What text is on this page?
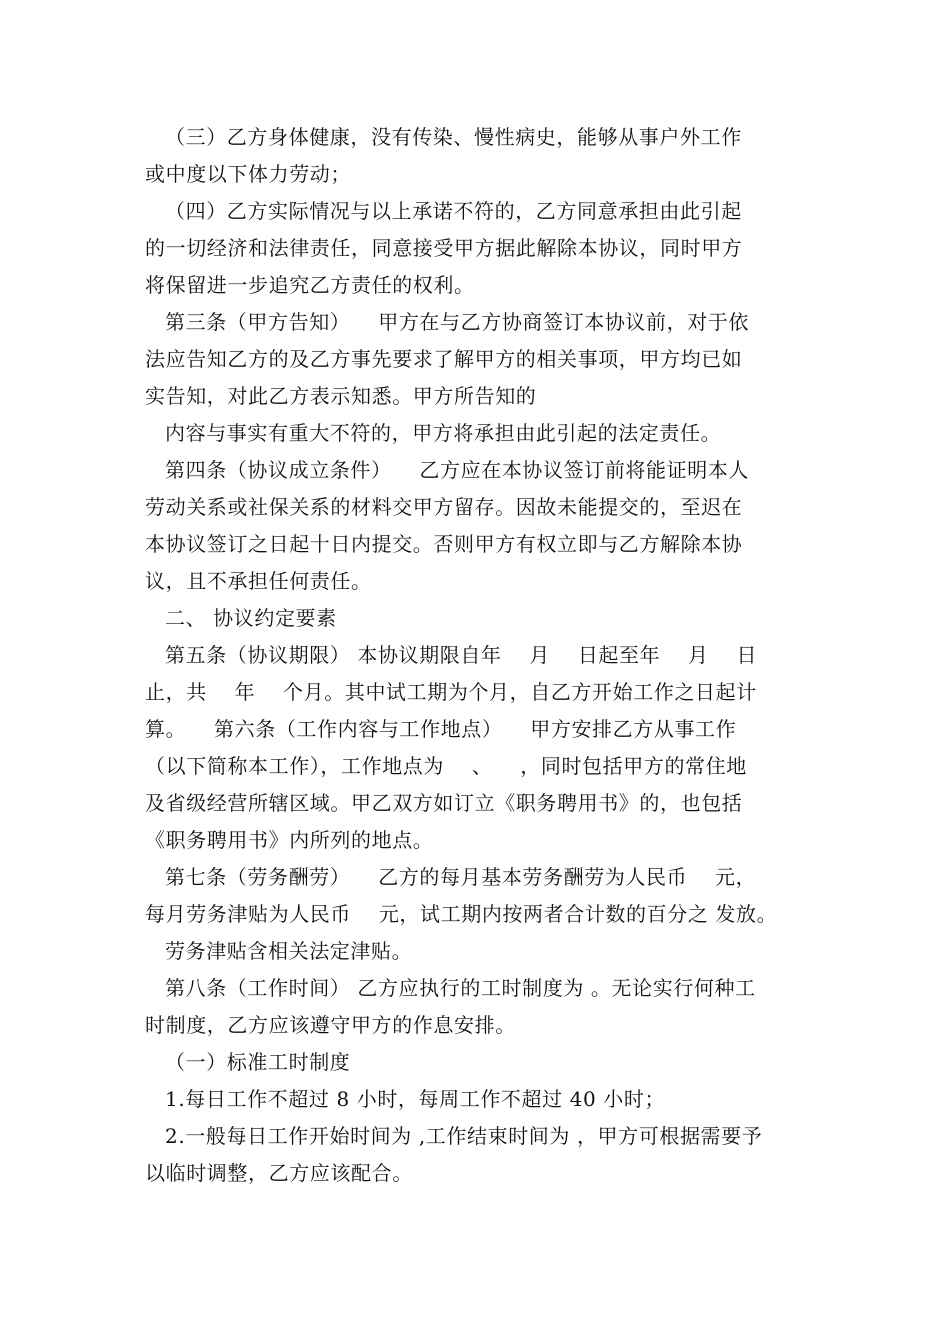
（三）乙方身体健康，没有传染、慢性病史，能够从事户外工作
或中度以下体力劳动；
（四）乙方实际情况与以上承诺不符的，乙方同意承担由此引起
的一切经济和法律责任，同意接受甲方据此解除本协议，同时甲方
将保留进一步追究乙方责任的权利。
第三条（甲方告知）    甲方在与乙方协商签订本协议前，对于依
法应告知乙方的及乙方事先要求了解甲方的相关事项，甲方均已如
实告知，对此乙方表示知悉。甲方所告知的
内容与事实有重大不符的，甲方将承担由此引起的法定责任。
第四条（协议成立条件）    乙方应在本协议签订前将能证明本人
劳动关系或社保关系的材料交甲方留存。因故未能提交的，至迟在
本协议签订之日起十日内提交。否则甲方有权立即与乙方解除本协
议，且不承担任何责任。
二、 协议约定要素
第五条（协议期限） 本协议期限自年    月    日起至年    月    日
止，共    年    个月。其中试工期为个月，自乙方开始工作之日起计
算。    第六条（工作内容与工作地点）    甲方安排乙方从事工作
（以下简称本工作），工作地点为    、    ，同时包括甲方的常住地
及省级经营所辖区域。甲乙双方如订立《职务聘用书》的，也包括
《职务聘用书》内所列的地点。
第七条（劳务酬劳）    乙方的每月基本劳务酬劳为人民币    元，
每月劳务津贴为人民币    元，试工期内按两者合计数的百分之 发放。
劳务津贴含相关法定津贴。
第八条（工作时间） 乙方应执行的工时制度为 。无论实行何种工
时制度，乙方应该遵守甲方的作息安排。
（一）标准工时制度
1.每日工作不超过 8 小时，每周工作不超过 40 小时；
2.一般每日工作开始时间为 ,工作结束时间为 ，甲方可根据需要予
以临时调整，乙方应该配合。
